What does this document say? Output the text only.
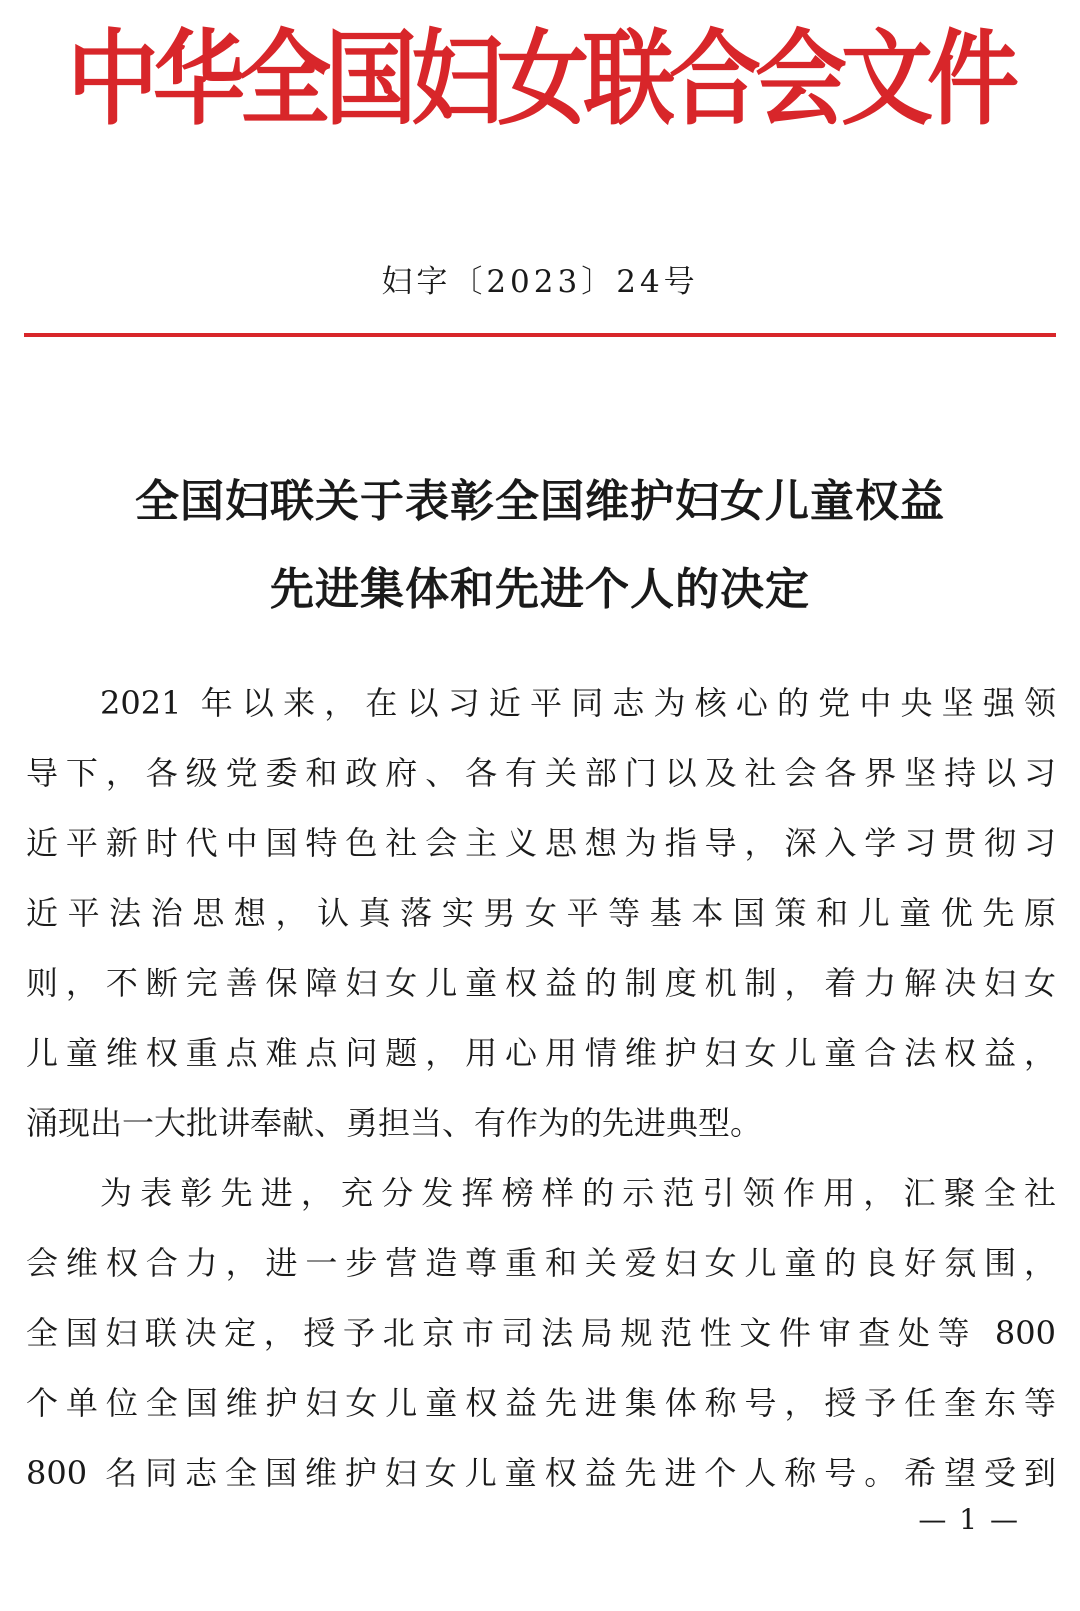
中华全国妇女联合会文件
妇字〔2023〕24号
全国妇联关于表彰全国维护妇女儿童权益
先进集体和先进个人的决定
2021 年以来，在以习近平同志为核心的党中央坚强领
导下，各级党委和政府、各有关部门以及社会各界坚持以习
近平新时代中国特色社会主义思想为指导，深入学习贯彻习
近平法治思想，认真落实男女平等基本国策和儿童优先原
则，不断完善保障妇女儿童权益的制度机制，着力解决妇女
儿童维权重点难点问题，用心用情维护妇女儿童合法权益，
涌现出一大批讲奉献、勇担当、有作为的先进典型。
为表彰先进，充分发挥榜样的示范引领作用，汇聚全社
会维权合力，进一步营造尊重和关爱妇女儿童的良好氛围，
全国妇联决定，授予北京市司法局规范性文件审查处等 800
个单位全国维护妇女儿童权益先进集体称号，授予任奎东等
800 名同志全国维护妇女儿童权益先进个人称号。希望受到
— 1 —
